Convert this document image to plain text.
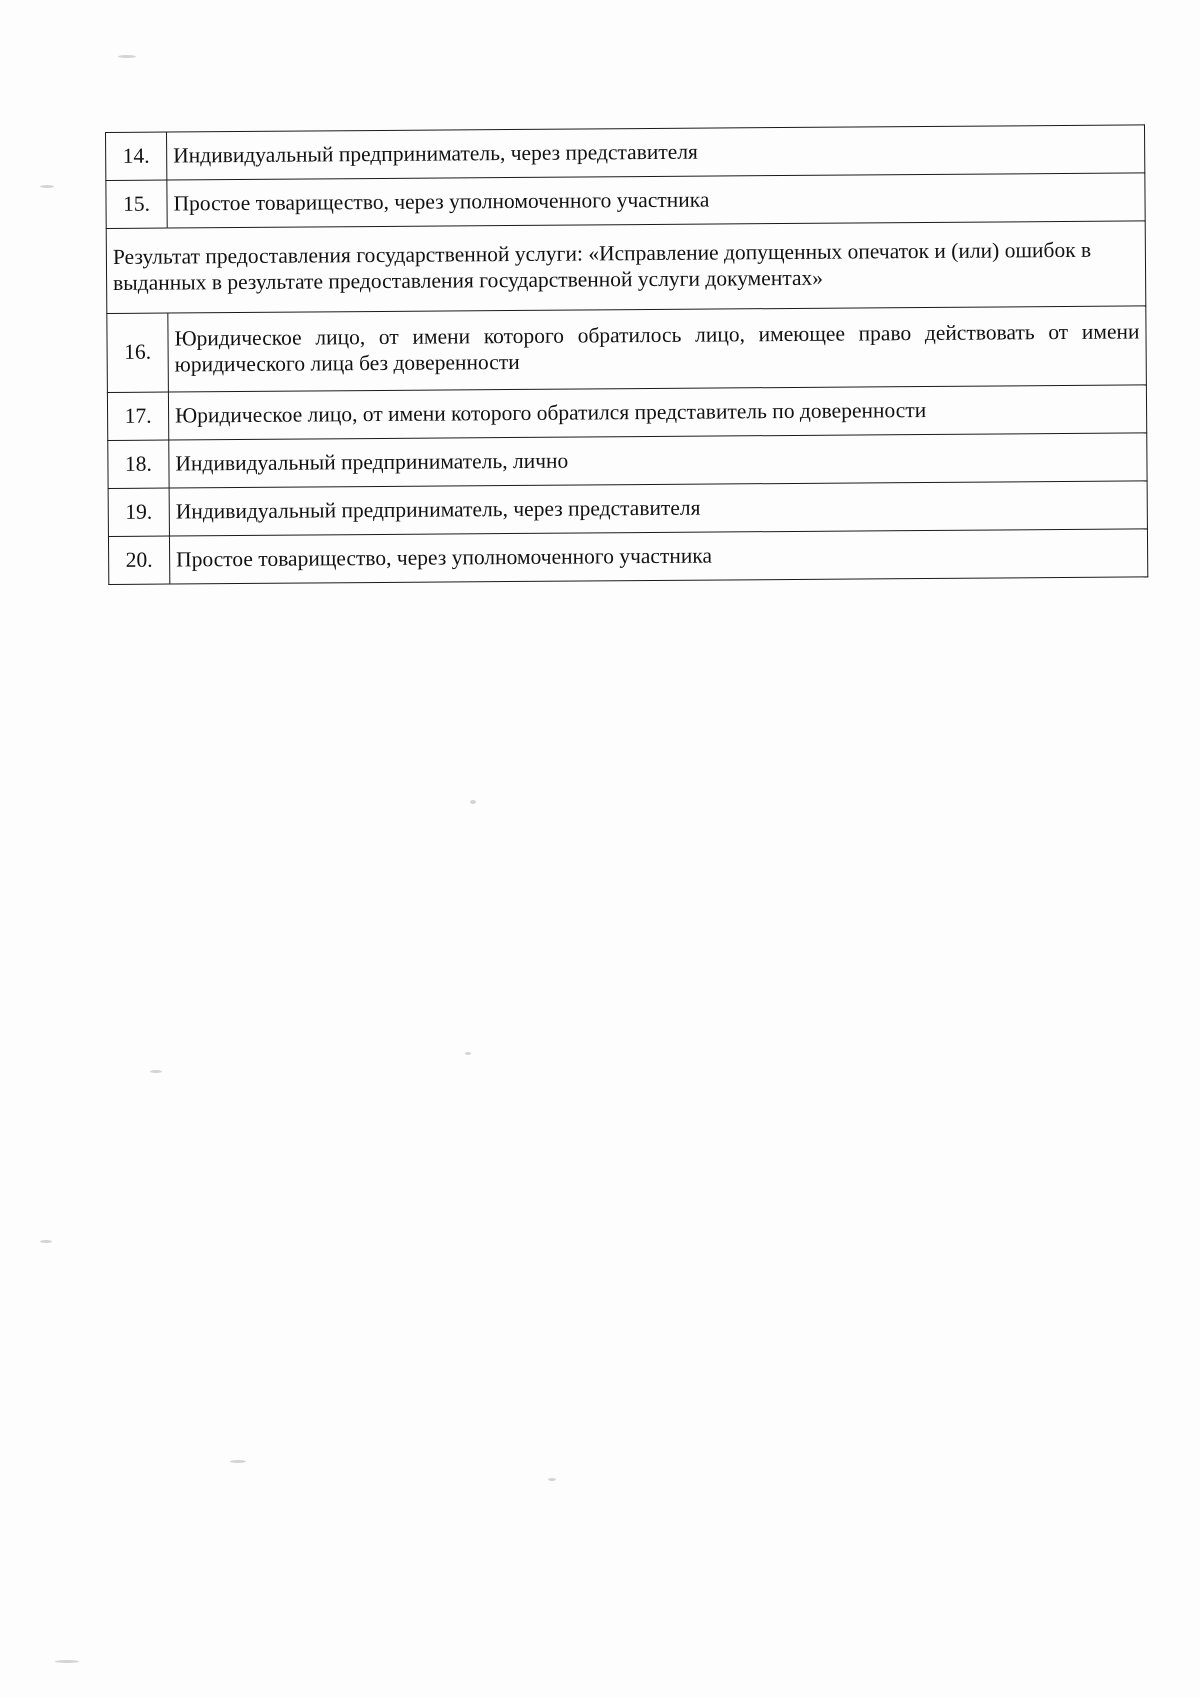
14.	Индивидуальный предприниматель, через представителя
15.	Простое товарищество, через уполномоченного участника
Результат предоставления государственной услуги: «Исправление допущенных опечаток и (или) ошибок в выданных в результате предоставления государственной услуги документах»	
16.	Юридическое лицо, от имени которого обратилось лицо, имеющее право действовать от имени юридического лица без доверенности
17.	Юридическое лицо, от имени которого обратился представитель по доверенности
18.	Индивидуальный предприниматель, лично
19.	Индивидуальный предприниматель, через представителя
20.	Простое товарищество, через уполномоченного участника
